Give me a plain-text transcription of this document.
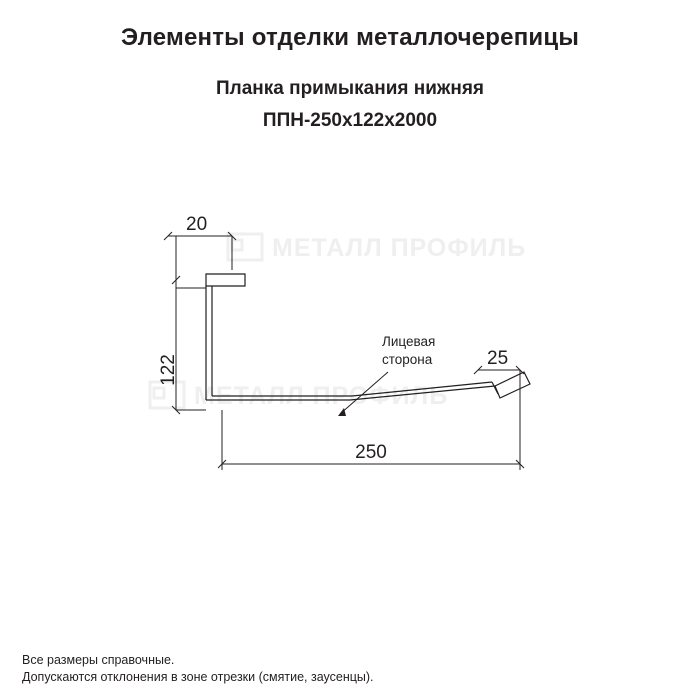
Элементы отделки металлочерепицы

Планка примыкания нижняя

ППН-250х122х2000

МЕТАЛЛ ПРОФИЛЬ
МЕТАЛЛ ПРОФИЛЬ
20
122
250
25
Лицевая
сторона
Все размеры справочные.
Допускаются отклонения в зоне отрезки (смятие, заусенцы).
